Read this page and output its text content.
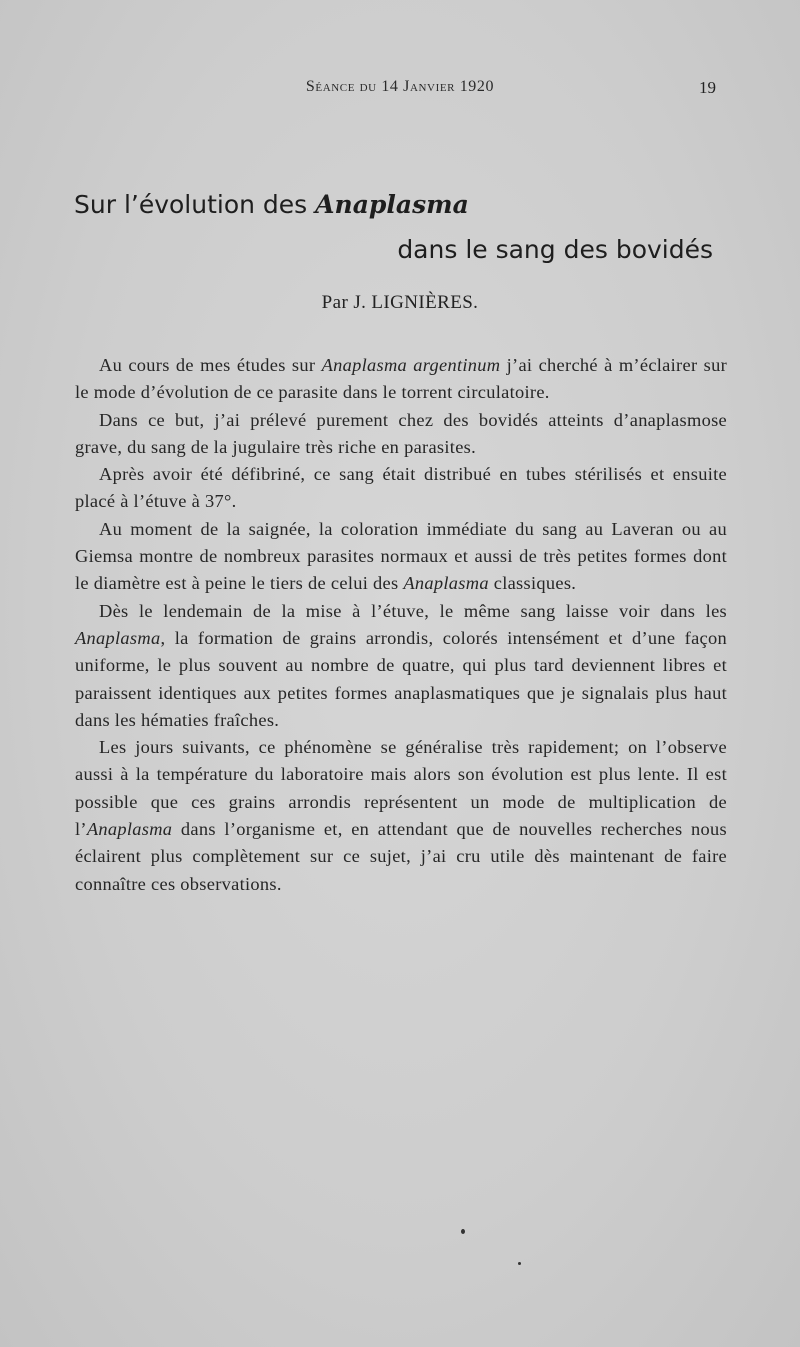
Séance du 14 Janvier 1920	19
Sur l’évolution des Anaplasma
dans le sang des bovidés
Par J. LIGNIÈRES.

Au cours de mes études sur Anaplasma argentinum j’ai cherché à m’éclairer sur le mode d’évolution de ce parasite dans le torrent circulatoire.

Dans ce but, j’ai prélevé purement chez des bovidés atteints d’anaplasmose grave, du sang de la jugulaire très riche en parasites.

Après avoir été défibriné, ce sang était distribué en tubes stérilisés et ensuite placé à l’étuve à 37°.

Au moment de la saignée, la coloration immédiate du sang au Laveran ou au Giemsa montre de nombreux parasites normaux et aussi de très petites formes dont le diamètre est à peine le tiers de celui des Anaplasma classiques.

Dès le lendemain de la mise à l’étuve, le même sang laisse voir dans les Anaplasma, la formation de grains arrondis, colorés intensément et d’une façon uniforme, le plus souvent au nombre de quatre, qui plus tard deviennent libres et paraissent identiques aux petites formes anaplasmatiques que je signalais plus haut dans les hématies fraîches.

Les jours suivants, ce phénomène se généralise très rapidement; on l’observe aussi à la température du laboratoire mais alors son évolution est plus lente. Il est possible que ces grains arrondis représentent un mode de multiplication de l’Anaplasma dans l’organisme et, en attendant que de nouvelles recherches nous éclairent plus complètement sur ce sujet, j’ai cru utile dès maintenant de faire connaître ces observations.
